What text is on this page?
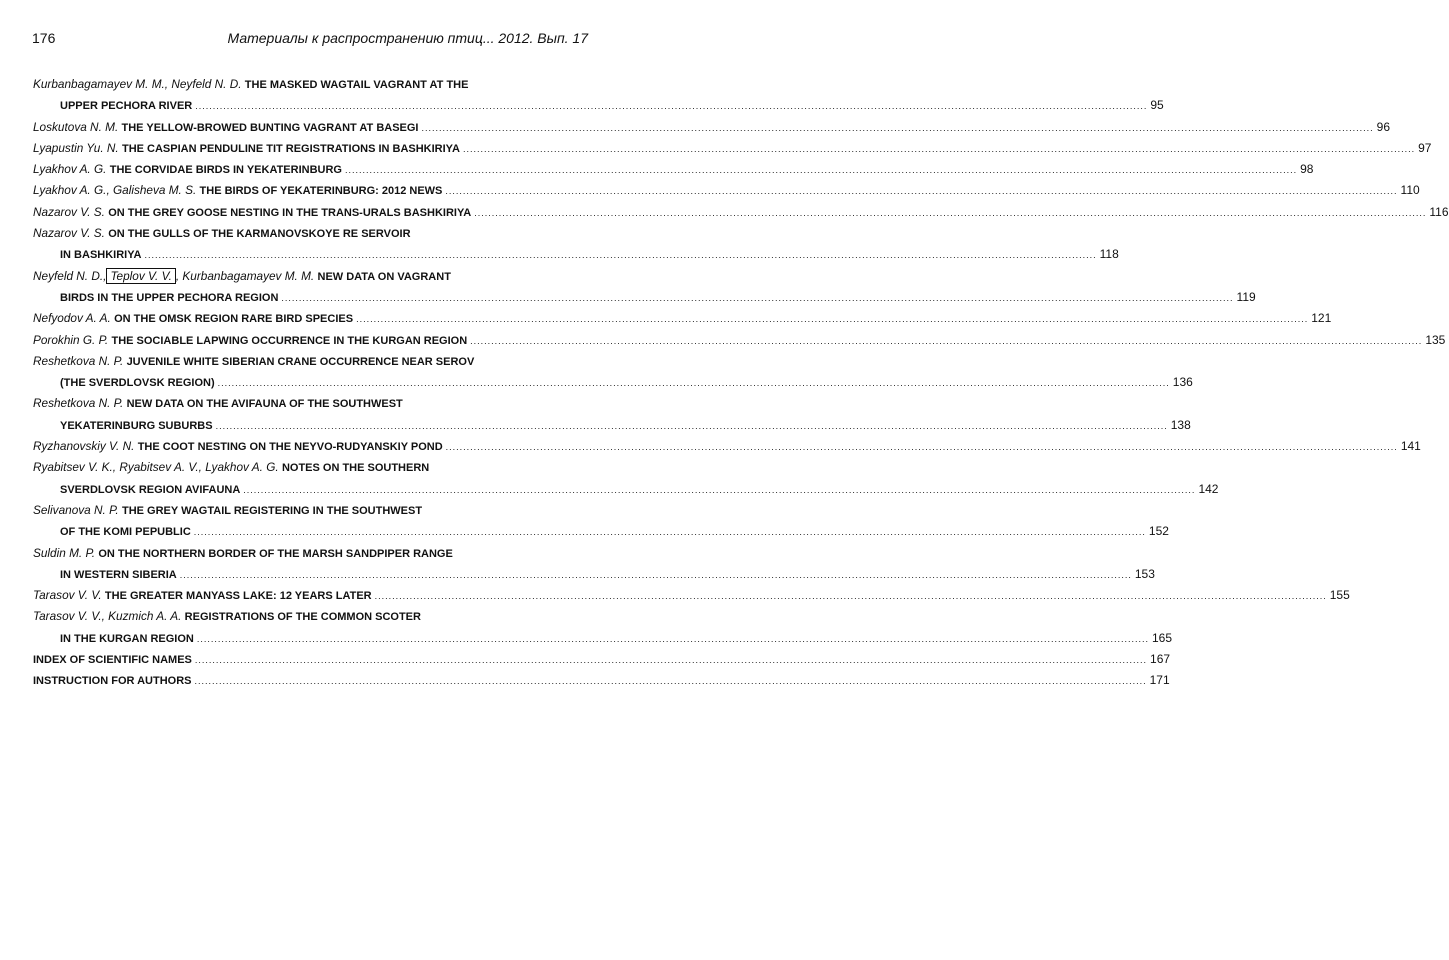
176	Материалы к распространению птиц... 2012. Вып. 17
Kurbanbagamayev M. M., Neyfeld N. D. THE MASKED WAGTAIL VAGRANT AT THE
UPPER PECHORA RIVER .....	95
Loskutova N. M. THE YELLOW-BROWED BUNTING VAGRANT AT BASEGI .....	96
Lyapustin Yu. N. THE CASPIAN PENDULINE TIT REGISTRATIONS IN BASHKIRIYA .....	97
Lyakhov A. G. THE CORVIDAE BIRDS IN YEKATERINBURG .....	98
Lyakhov A. G., Galisheva M. S. THE BIRDS OF YEKATERINBURG: 2012 NEWS .....	110
Nazarov V. S. ON THE GREY GOOSE NESTING IN THE TRANS-URALS BASHKIRIYA .....	116
Nazarov V. S. ON THE GULLS OF THE KARMANOVSKOYE RE SERVOIR
IN BASHKIRIYA .....	118
Neyfeld N. D., Teplov V. V. , Kurbanbagamayev M. M. NEW DATA ON VAGRANT
BIRDS IN THE UPPER PECHORA REGION .....	119
Nefyodov A. A. ON THE OMSK REGION RARE BIRD SPECIES .....	121
Porokhin G. P. THE SOCIABLE LAPWING OCCURRENCE IN THE KURGAN REGION .....	135
Reshetkova N. P. JUVENILE WHITE SIBERIAN CRANE OCCURRENCE NEAR SEROV
(THE SVERDLOVSK REGION) .....	136
Reshetkova N. P. NEW DATA ON THE AVIFAUNA OF THE SOUTHWEST
YEKATERINBURG SUBURBS .....	138
Ryzhanovskiy V. N. THE COOT NESTING ON THE NEYVO-RUDYANSKIY POND .....	141
Ryabitsev V. K., Ryabitsev A. V., Lyakhov A. G. NOTES ON THE SOUTHERN
SVERDLOVSK REGION AVIFAUNA .....	142
Selivanova N. P. THE GREY WAGTAIL REGISTERING IN THE SOUTHWEST
OF THE KOMI PEPUBLIC .....	152
Suldin M. P. ON THE NORTHERN BORDER OF THE MARSH SANDPIPER RANGE
IN WESTERN SIBERIA .....	153
Tarasov V. V. THE GREATER MANYASS LAKE: 12 YEARS LATER .....	155
Tarasov V. V., Kuzmich A. A. REGISTRATIONS OF THE COMMON SCOTER
IN THE KURGAN REGION .....	165
INDEX OF SCIENTIFIC NAMES .....	167
INSTRUCTION FOR AUTHORS .....	171
